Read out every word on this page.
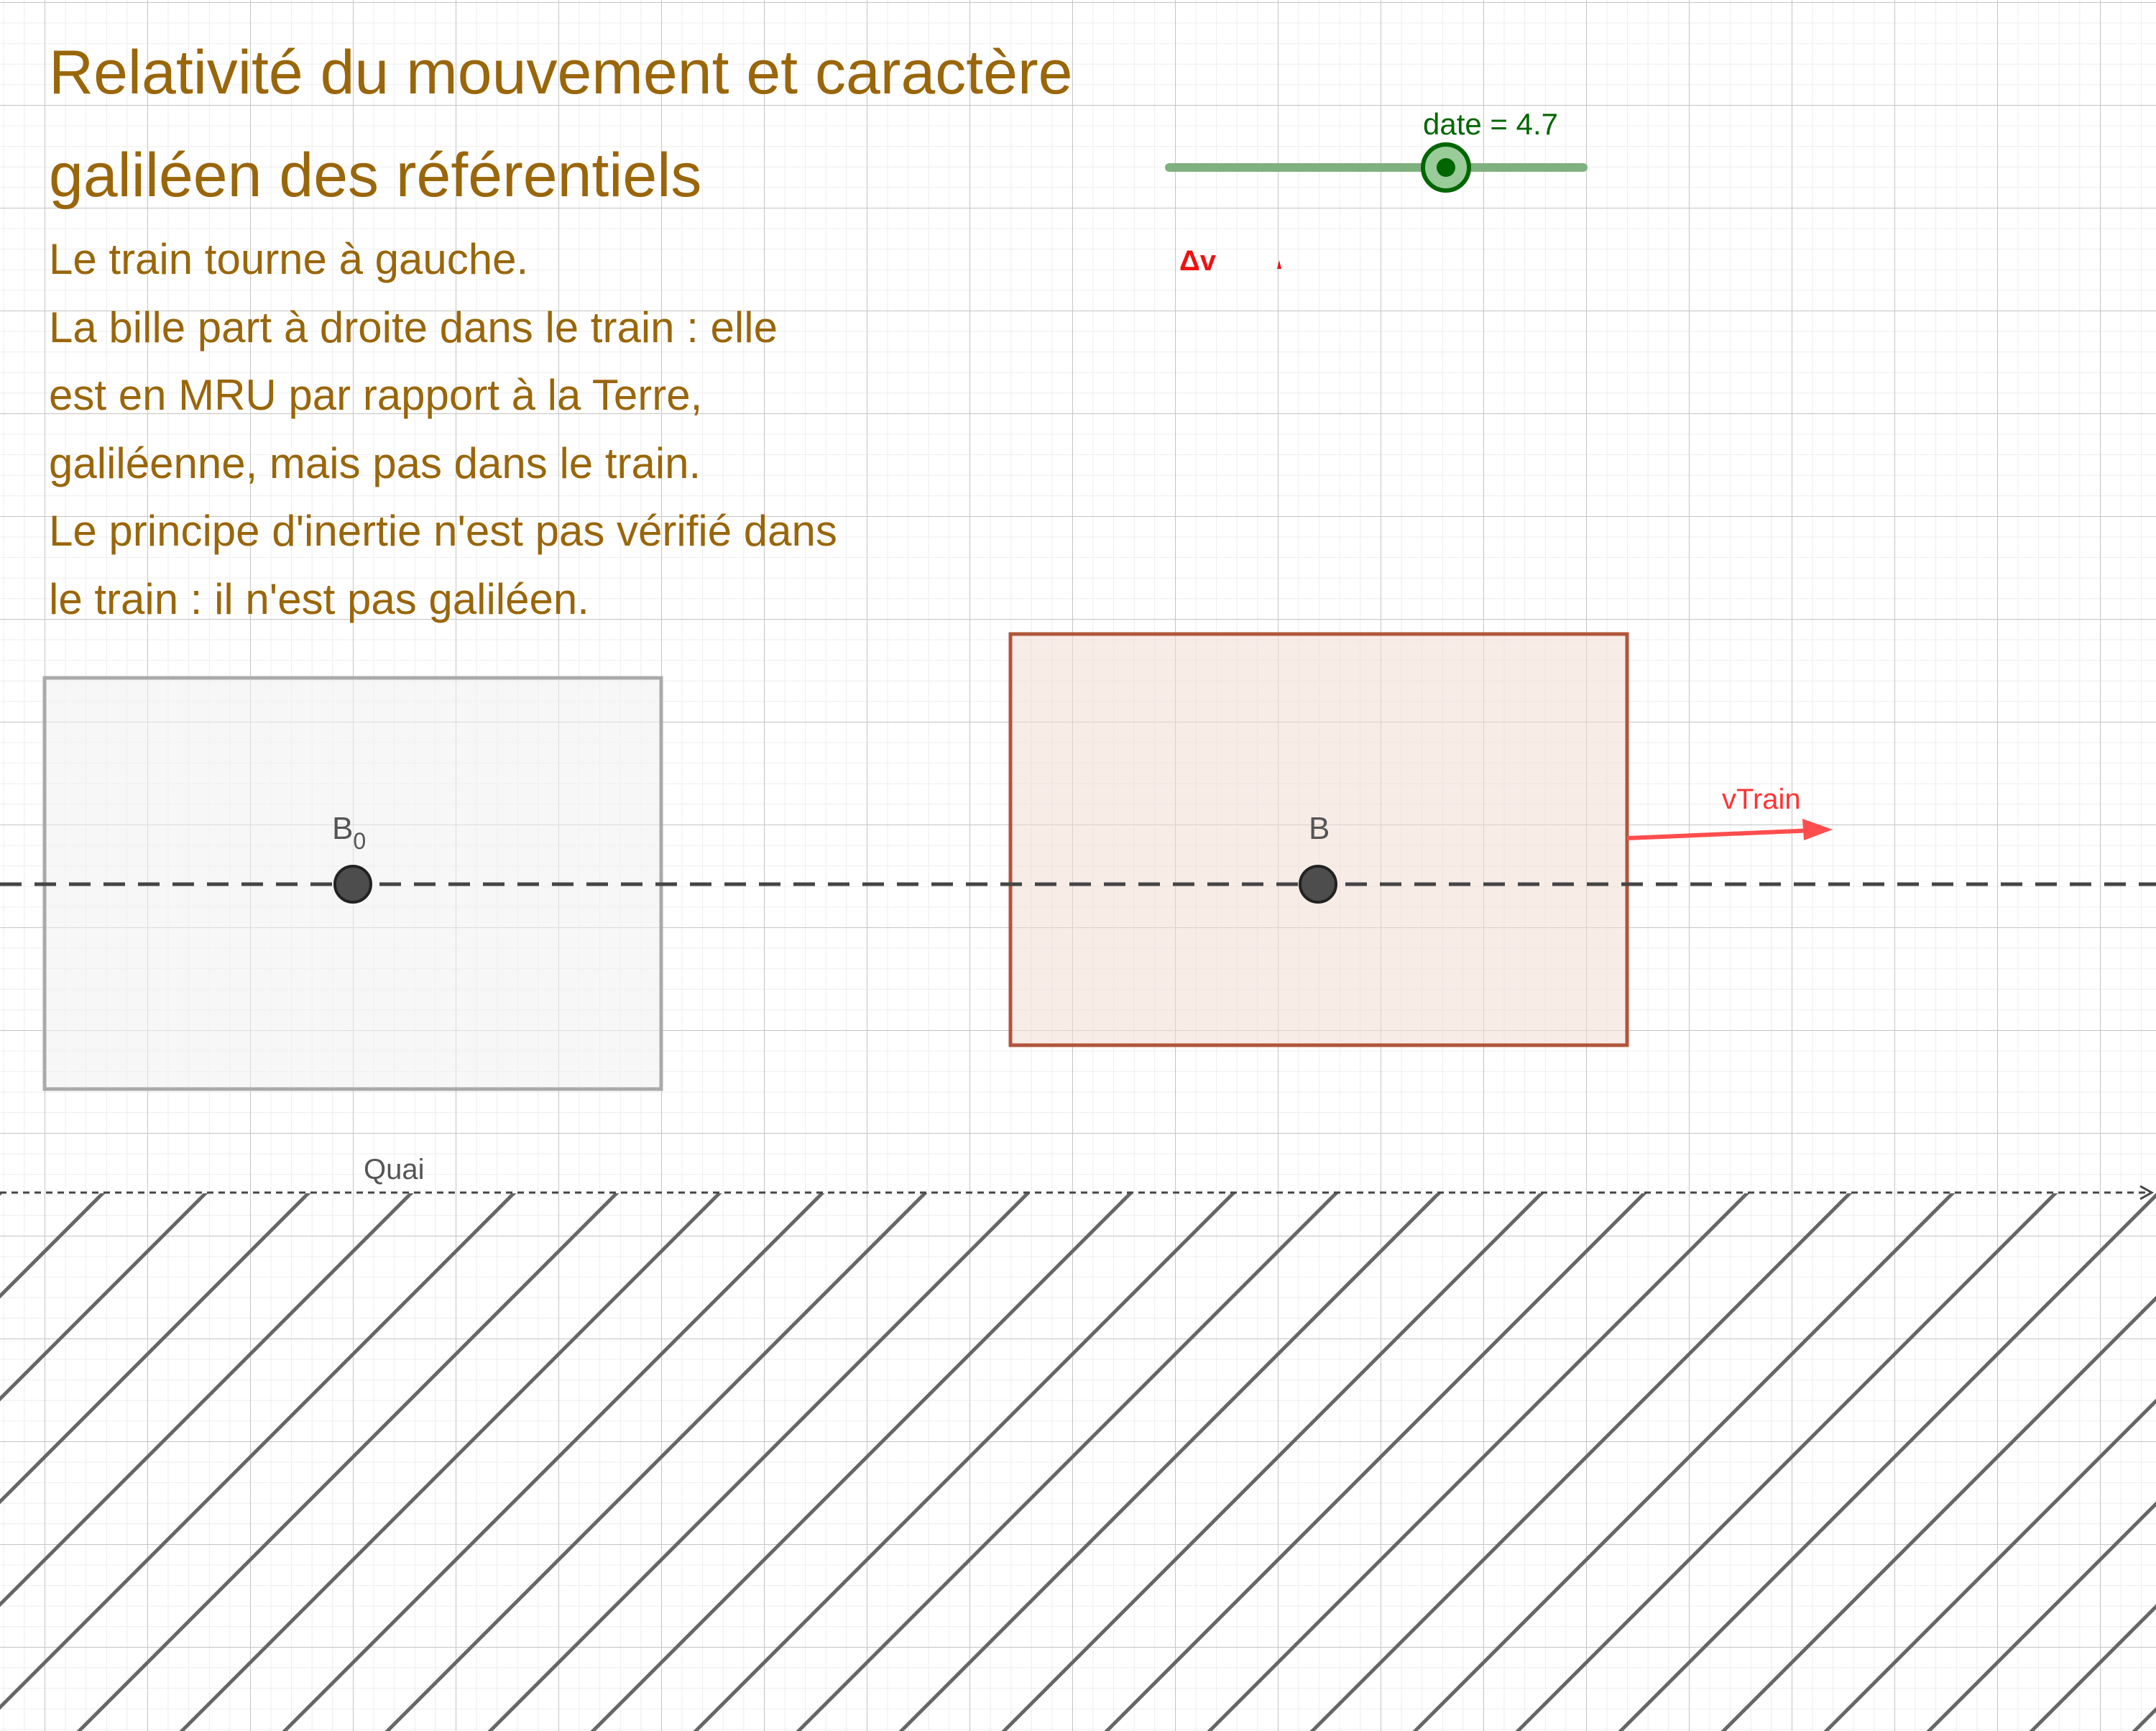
Quai
$B_0$	B
vTrain
Δv
date = 4.7
Relativité du mouvement et caractère
galiléen des référentiels
Le train tourne à gauche.
La bille part à droite dans le train : elle
est en MRU par rapport à la Terre,
galiléenne, mais pas dans le train.
Le principe d'inertie n'est pas vérifié dans
le train : il n'est pas galiléen.
